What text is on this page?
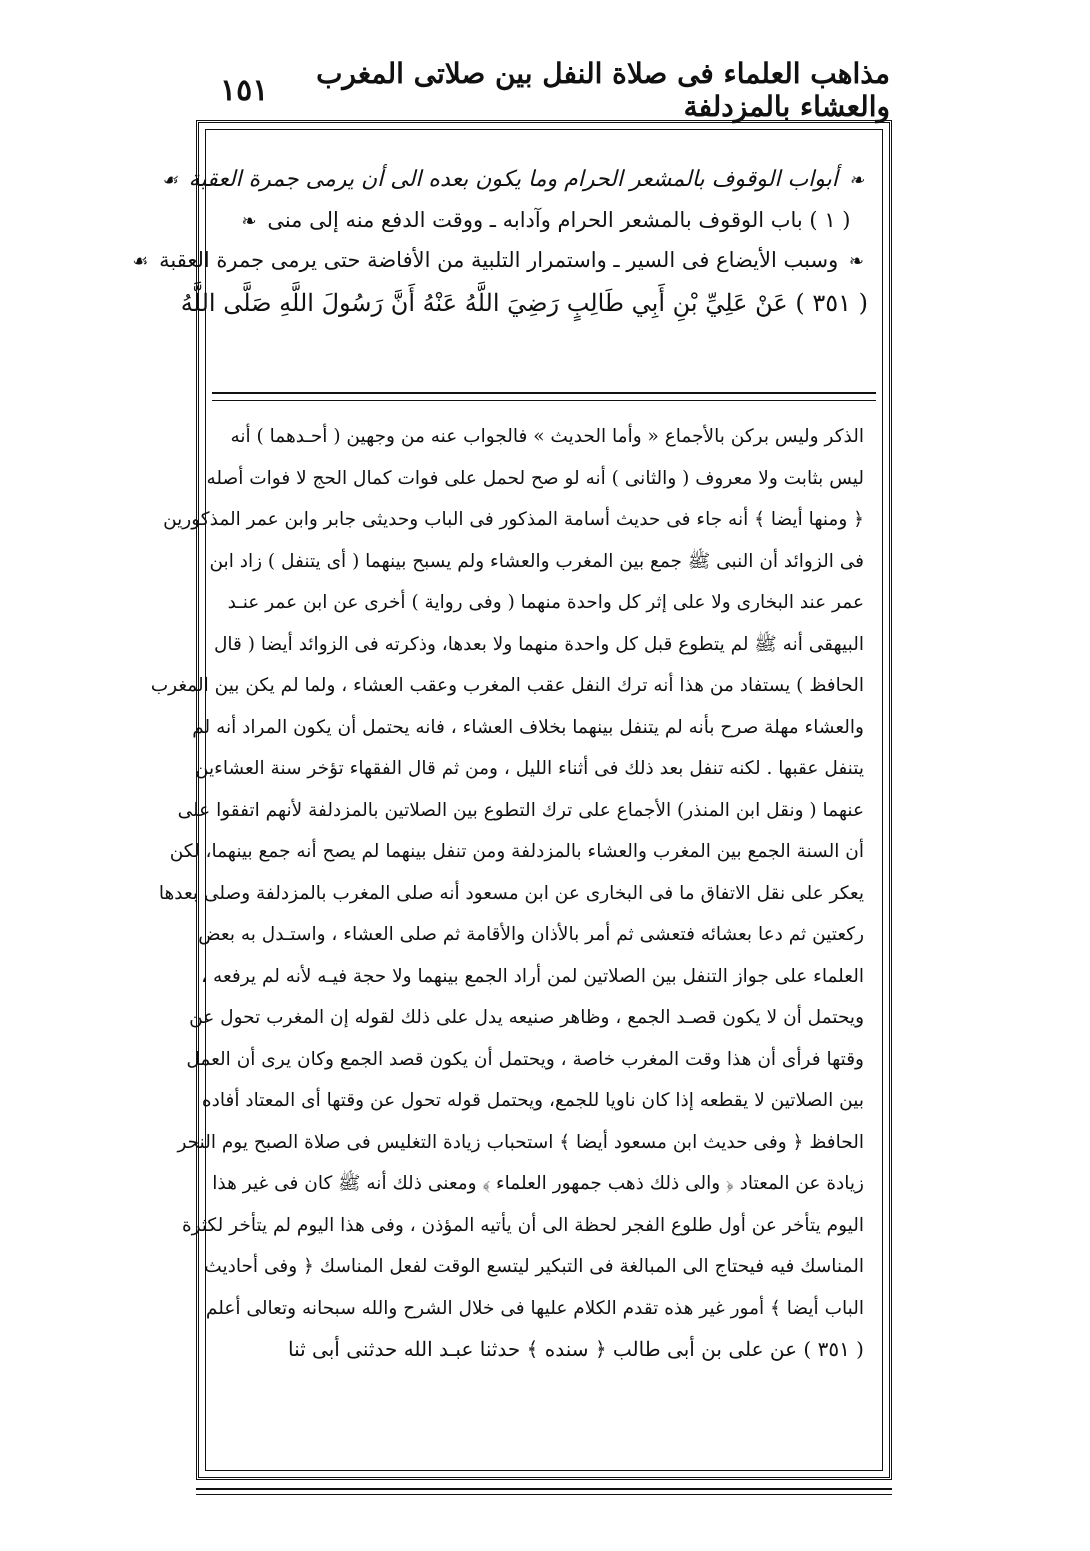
مذاهب العلماء فى صلاة النفل بين صلاتى المغرب والعشاء بالمزدلفة
١٥١
❧ أبواب الوقوف بالمشعر الحرام وما يكون بعده الى أن يرمى جمرة العقبة ☙
( ١ ) باب الوقوف بالمشعر الحرام وآدابه ـ ووقت الدفع منه إلى منى ❧
❧ وسبب الأيضاع فى السير ـ واستمرار التلبية من الأفاضة حتى يرمى جمرة العقبة ☙
( ٣٥١ ) عَنْ عَلِيِّ بْنِ أَبِي طَالِبٍ رَضِيَ اللَّهُ عَنْهُ أَنَّ رَسُولَ اللَّهِ صَلَّى اللَّهُ
الذكر وليس بركن بالأجماع « وأما الحديث » فالجواب عنه من وجهين ( أحـدهما ) أنه
ليس بثابت ولا معروف ( والثانى ) أنه لو صح لحمل على فوات كمال الحج لا فوات أصله
﴿ ومنها أيضا ﴾ أنه جاء فى حديث أسامة المذكور فى الباب وحديثى جابر وابن عمر المذكورين
فى الزوائد أن النبى ﷺ جمع بين المغرب والعشاء ولم يسبح بينهما ( أى يتنفل ) زاد ابن
عمر عند البخارى ولا على إثر كل واحدة منهما ( وفى رواية ) أخرى عن ابن عمر عنـد
البيهقى أنه ﷺ لم يتطوع قبل كل واحدة منهما ولا بعدها، وذكرته فى الزوائد أيضا ( قال
الحافظ ) يستفاد من هذا أنه ترك النفل عقب المغرب وعقب العشاء ، ولما لم يكن بين المغرب
والعشاء مهلة صرح بأنه لم يتنفل بينهما بخلاف العشاء ، فانه يحتمل أن يكون المراد أنه لم
يتنفل عقبها . لكنه تنفل بعد ذلك فى أثناء الليل ، ومن ثم قال الفقهاء تؤخر سنة العشاءين
عنهما ( ونقل ابن المنذر) الأجماع على ترك التطوع بين الصلاتين بالمزدلفة لأنهم اتفقوا على
أن السنة الجمع بين المغرب والعشاء بالمزدلفة ومن تنفل بينهما لم يصح أنه جمع بينهما، لكن
يعكر على نقل الاتفاق ما فى البخارى عن ابن مسعود أنه صلى المغرب بالمزدلفة وصلى بعدها
ركعتين ثم دعا بعشائه فتعشى ثم أمر بالأذان والأقامة ثم صلى العشاء ، واستـدل به بعض
العلماء على جواز التنفل بين الصلاتين لمن أراد الجمع بينهما ولا حجة فيـه لأنه لم يرفعه ،
ويحتمل أن لا يكون قصـد الجمع ، وظاهر صنيعه يدل على ذلك لقوله إن المغرب تحول عن
وقتها فرأى أن هذا وقت المغرب خاصة ، ويحتمل أن يكون قصد الجمع وكان يرى أن العمل
بين الصلاتين لا يقطعه إذا كان ناويا للجمع، ويحتمل قوله تحول عن وقتها أى المعتاد أفاده
الحافظ ﴿ وفى حديث ابن مسعود أيضا ﴾ استحباب زيادة التغليس فى صلاة الصبح يوم النحر
زيادة عن المعتاد ﴿ والى ذلك ذهب جمهور العلماء ﴾ ومعنى ذلك أنه ﷺ كان فى غير هذا
اليوم يتأخر عن أول طلوع الفجر لحظة الى أن يأتيه المؤذن ، وفى هذا اليوم لم يتأخر لكثرة
المناسك فيه فيحتاج الى المبالغة فى التبكير ليتسع الوقت لفعل المناسك ﴿ وفى أحاديث
الباب أيضا ﴾ أمور غير هذه تقدم الكلام عليها فى خلال الشرح والله سبحانه وتعالى أعلم
( ٣٥١ ) عن على بن أبى طالب ﴿ سنده ﴾ حدثنا عبـد الله حدثنى أبى ثنا
